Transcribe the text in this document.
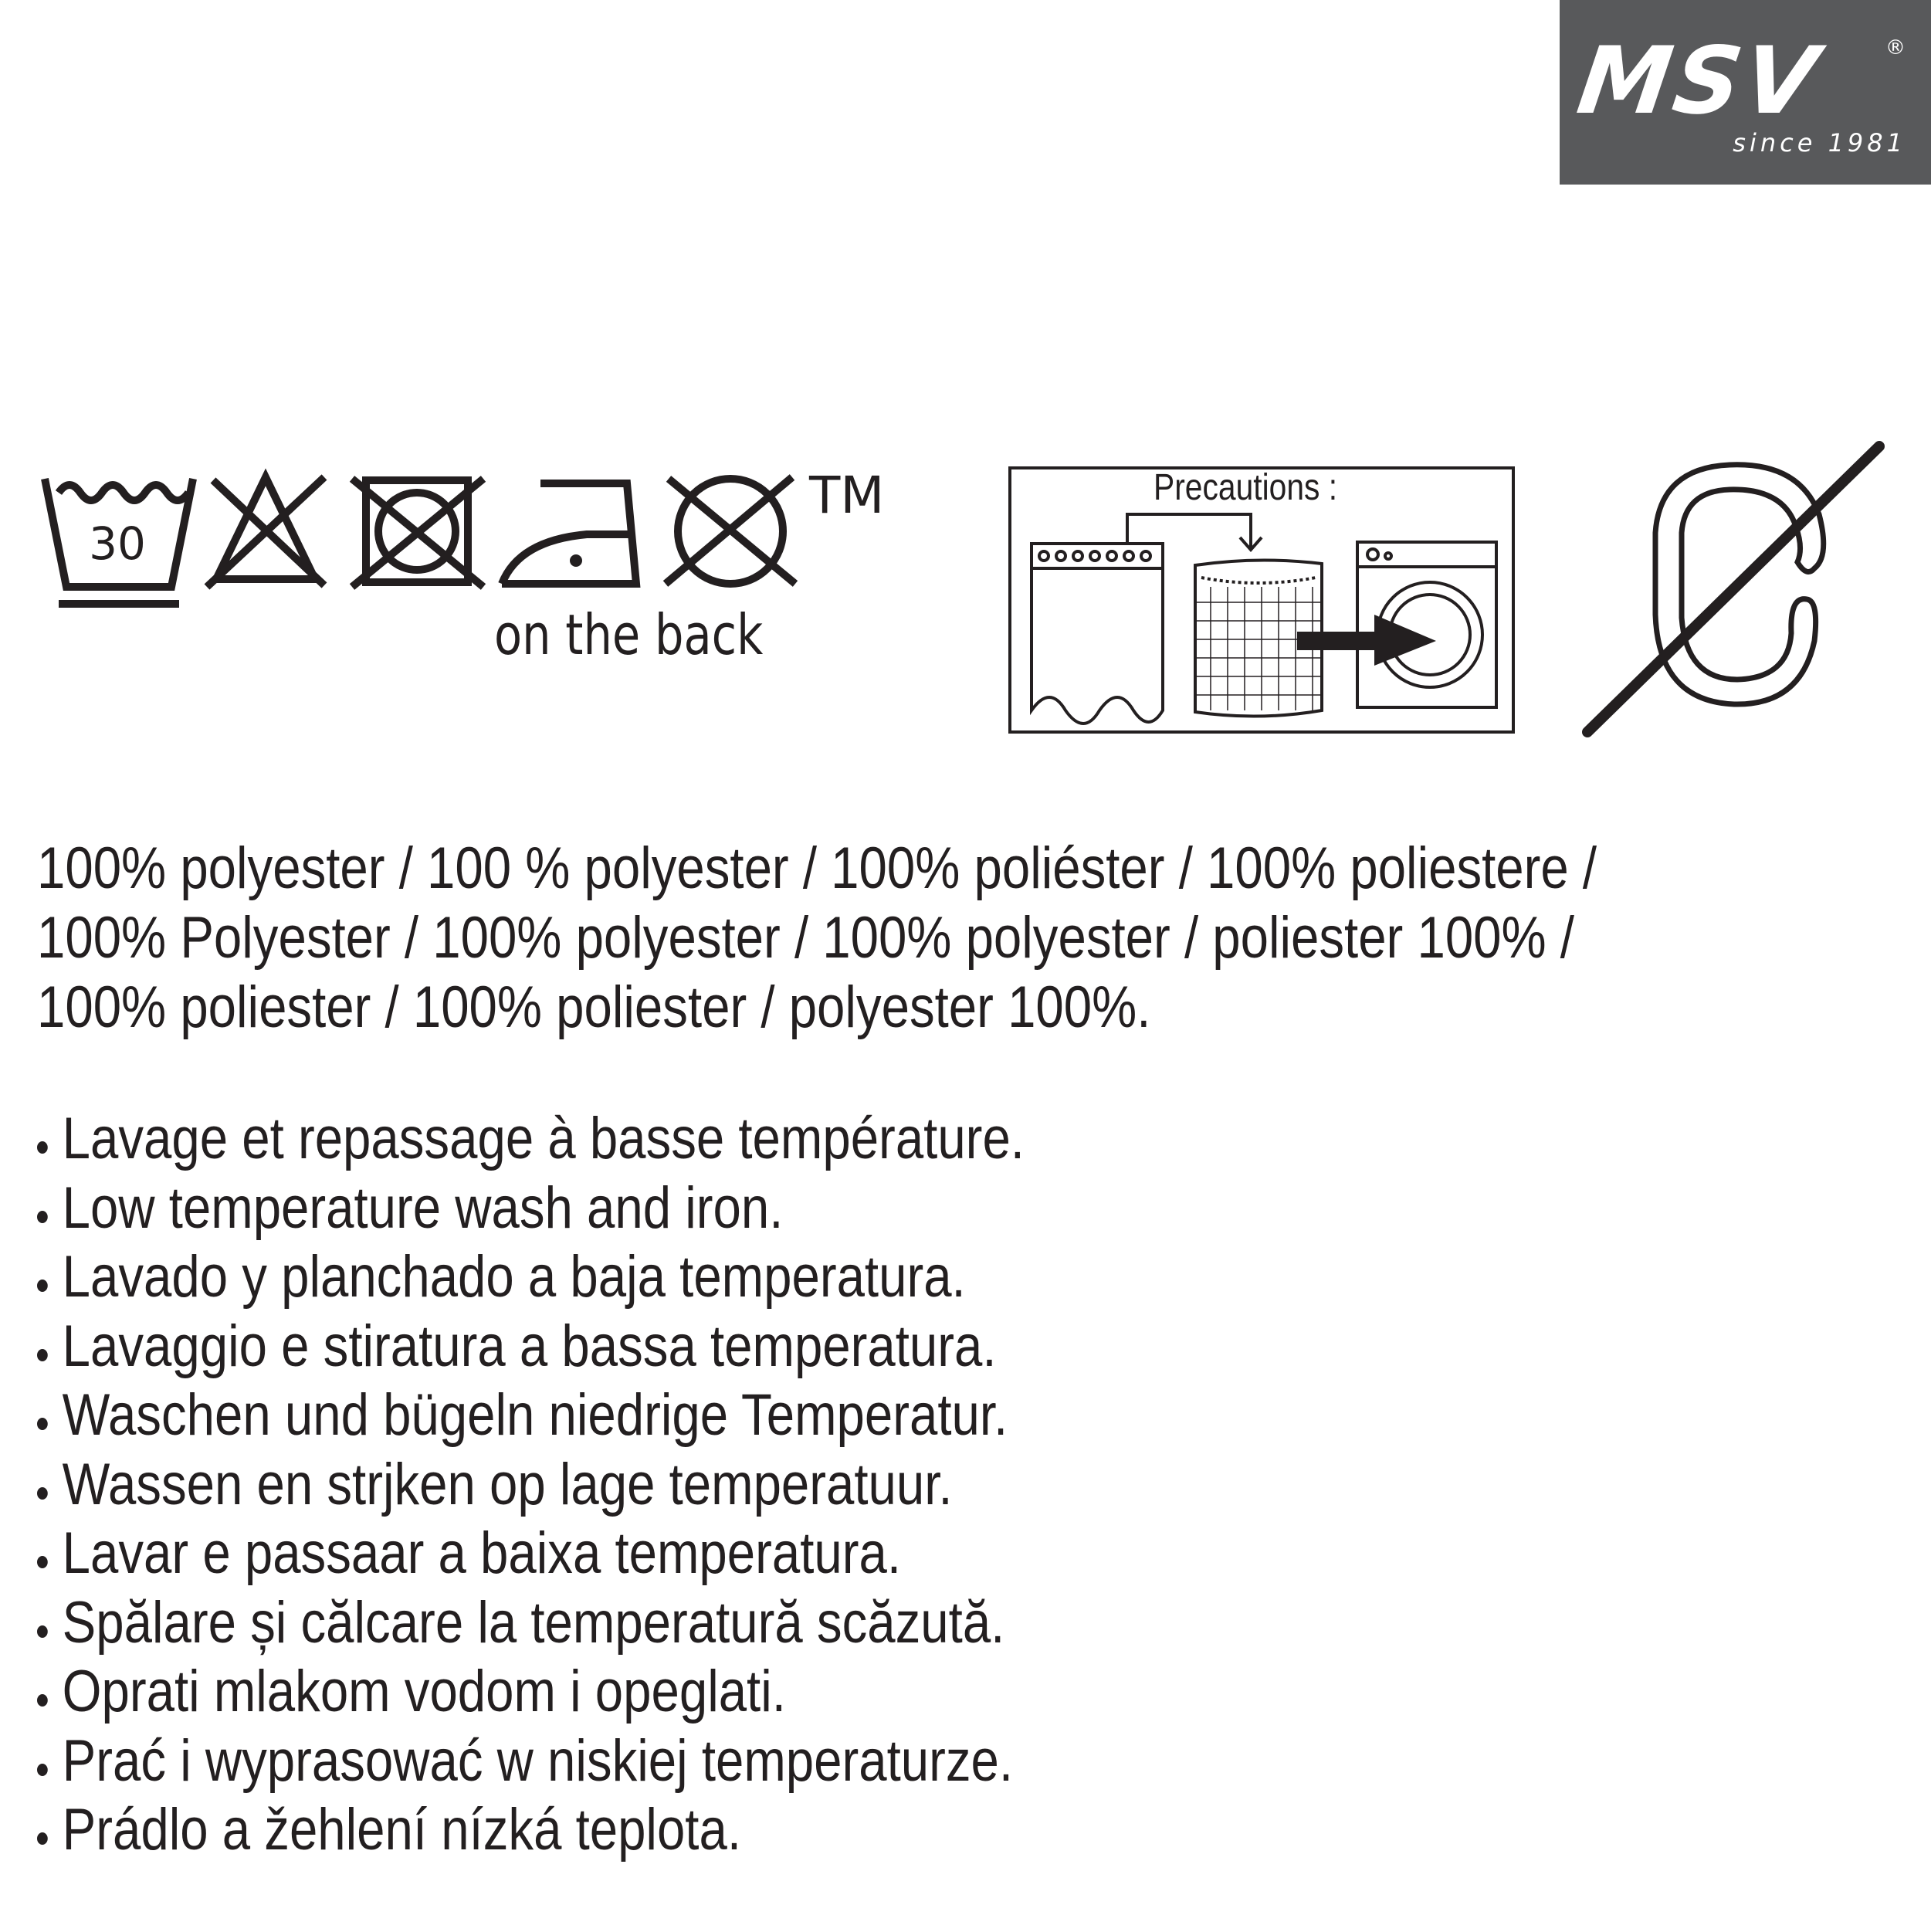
MSV	®
since 1981
30
TM
on the back
Precautions :
100% polyester / 100 % polyester / 100% poliéster / 100% poliestere /
100% Polyester / 100% polyester / 100% polyester / poliester 100% /
100% poliester / 100% poliester / polyester 100%.
Lavage et repassage à basse température.
Low temperature wash and iron.
Lavado y planchado a baja temperatura.
Lavaggio e stiratura a bassa temperatura.
Waschen und bügeln niedrige Temperatur.
Wassen en strjken op lage temperatuur.
Lavar e passaar a baixa temperatura.
Spălare și călcare la temperatură scăzută.
Oprati mlakom vodom i opeglati.
Prać i wyprasować w niskiej temperaturze.
Prádlo a žehlení nízká teplota.
